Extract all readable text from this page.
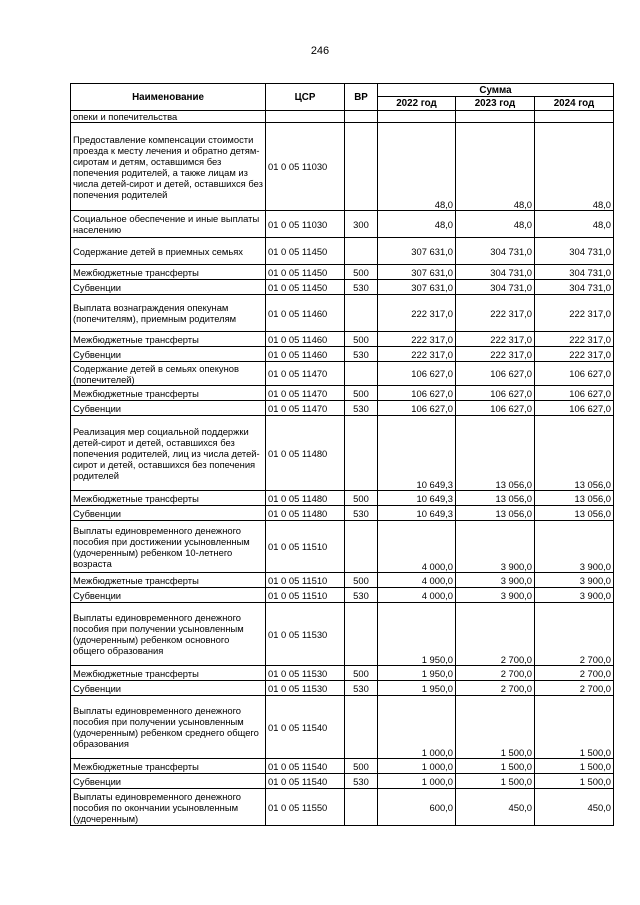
246
Наименование	ЦСР	ВР	Сумма		
			2022 год	2023 год	2024 год
опеки и попечительства					
Предоставление компенсации стоимости проезда к месту лечения и обратно детям-сиротам и детям, оставшимся без попечения родителей, а также лицам из числа детей-сирот и детей, оставшихся без попечения родителей	01 0 05 11030		48,0	48,0	48,0
Социальное обеспечение и иные выплаты населению	01 0 05 11030	300	48,0	48,0	48,0
Содержание детей в приемных семьях	01 0 05 11450		307 631,0	304 731,0	304 731,0
Межбюджетные трансферты	01 0 05 11450	500	307 631,0	304 731,0	304 731,0
Субвенции	01 0 05 11450	530	307 631,0	304 731,0	304 731,0
Выплата вознаграждения опекунам (попечителям), приемным родителям	01 0 05 11460		222 317,0	222 317,0	222 317,0
Межбюджетные трансферты	01 0 05 11460	500	222 317,0	222 317,0	222 317,0
Субвенции	01 0 05 11460	530	222 317,0	222 317,0	222 317,0
Содержание детей в семьях опекунов (попечителей)	01 0 05 11470		106 627,0	106 627,0	106 627,0
Межбюджетные трансферты	01 0 05 11470	500	106 627,0	106 627,0	106 627,0
Субвенции	01 0 05 11470	530	106 627,0	106 627,0	106 627,0
Реализация мер социальной поддержки детей-сирот и детей, оставшихся без попечения родителей, лиц из числа детей-сирот и детей, оставшихся без попечения родителей	01 0 05 11480		10 649,3	13 056,0	13 056,0
Межбюджетные трансферты	01 0 05 11480	500	10 649,3	13 056,0	13 056,0
Субвенции	01 0 05 11480	530	10 649,3	13 056,0	13 056,0
Выплаты единовременного денежного пособия при достижении усыновленным (удочеренным) ребенком 10-летнего возраста	01 0 05 11510		4 000,0	3 900,0	3 900,0
Межбюджетные трансферты	01 0 05 11510	500	4 000,0	3 900,0	3 900,0
Субвенции	01 0 05 11510	530	4 000,0	3 900,0	3 900,0
Выплаты единовременного денежного пособия при получении усыновленным (удочеренным) ребенком основного общего образования	01 0 05 11530		1 950,0	2 700,0	2 700,0
Межбюджетные трансферты	01 0 05 11530	500	1 950,0	2 700,0	2 700,0
Субвенции	01 0 05 11530	530	1 950,0	2 700,0	2 700,0
Выплаты единовременного денежного пособия при получении усыновленным (удочеренным) ребенком среднего общего образования	01 0 05 11540		1 000,0	1 500,0	1 500,0
Межбюджетные трансферты	01 0 05 11540	500	1 000,0	1 500,0	1 500,0
Субвенции	01 0 05 11540	530	1 000,0	1 500,0	1 500,0
Выплаты единовременного денежного пособия по окончании усыновленным (удочеренным)	01 0 05 11550		600,0	450,0	450,0
